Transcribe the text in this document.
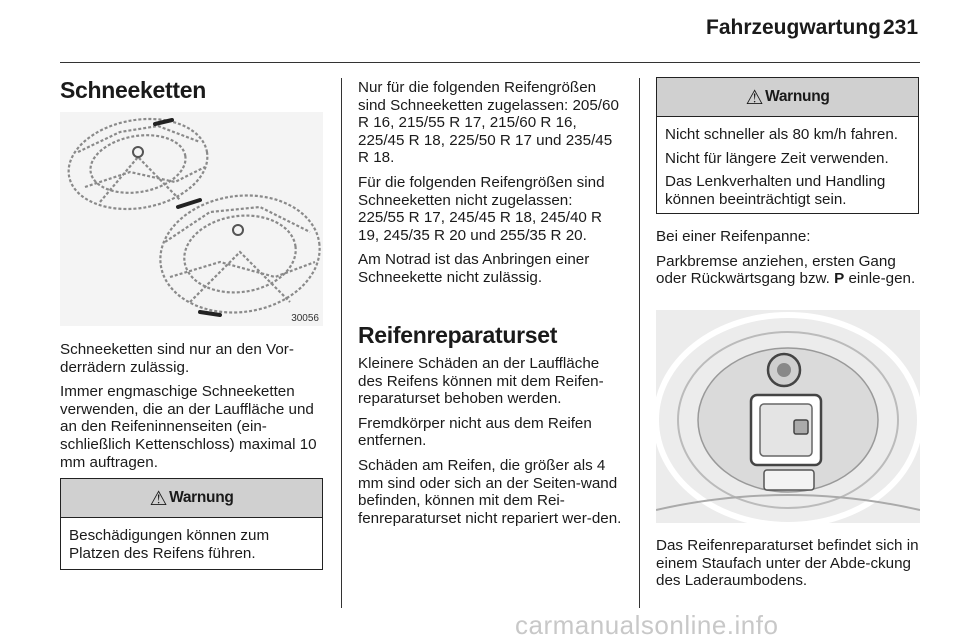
Fahrzeugwartung 231
Schneeketten
30056

Schneeketten sind nur an den Vor-derrädern zulässig.

Immer engmaschige Schneeketten verwenden, die an der Lauffläche und an den Reifeninnenseiten (ein-schließlich Kettenschloss) maximal 10 mm auftragen.

⚠ Warnung

Beschädigungen können zum Platzen des Reifens führen.

Nur für die folgenden Reifengrößen sind Schneeketten zugelassen: 205/60 R 16, 215/55 R 17, 215/60 R 16, 225/45 R 18, 225/50 R 17 und 235/45 R 18.

Für die folgenden Reifengrößen sind Schneeketten nicht zugelassen: 225/55 R 17, 245/45 R 18, 245/40 R 19, 245/35 R 20 und 255/35 R 20.

Am Notrad ist das Anbringen einer Schneekette nicht zulässig.

Reifenreparaturset

Kleinere Schäden an der Lauffläche des Reifens können mit dem Reifen-reparaturset behoben werden.

Fremdkörper nicht aus dem Reifen entfernen.

Schäden am Reifen, die größer als 4 mm sind oder sich an der Seiten-wand befinden, können mit dem Rei-fenreparaturset nicht repariert wer-den.

⚠ Warnung

Nicht schneller als 80 km/h fahren.

Nicht für längere Zeit verwenden.

Das Lenkverhalten und Handling können beeinträchtigt sein.

Bei einer Reifenpanne:

Parkbremse anziehen, ersten Gang oder Rückwärtsgang bzw. P einle-gen.

Das Reifenreparaturset befindet sich in einem Staufach unter der Abde-ckung des Laderaumbodens.

carmanualsonline.info
